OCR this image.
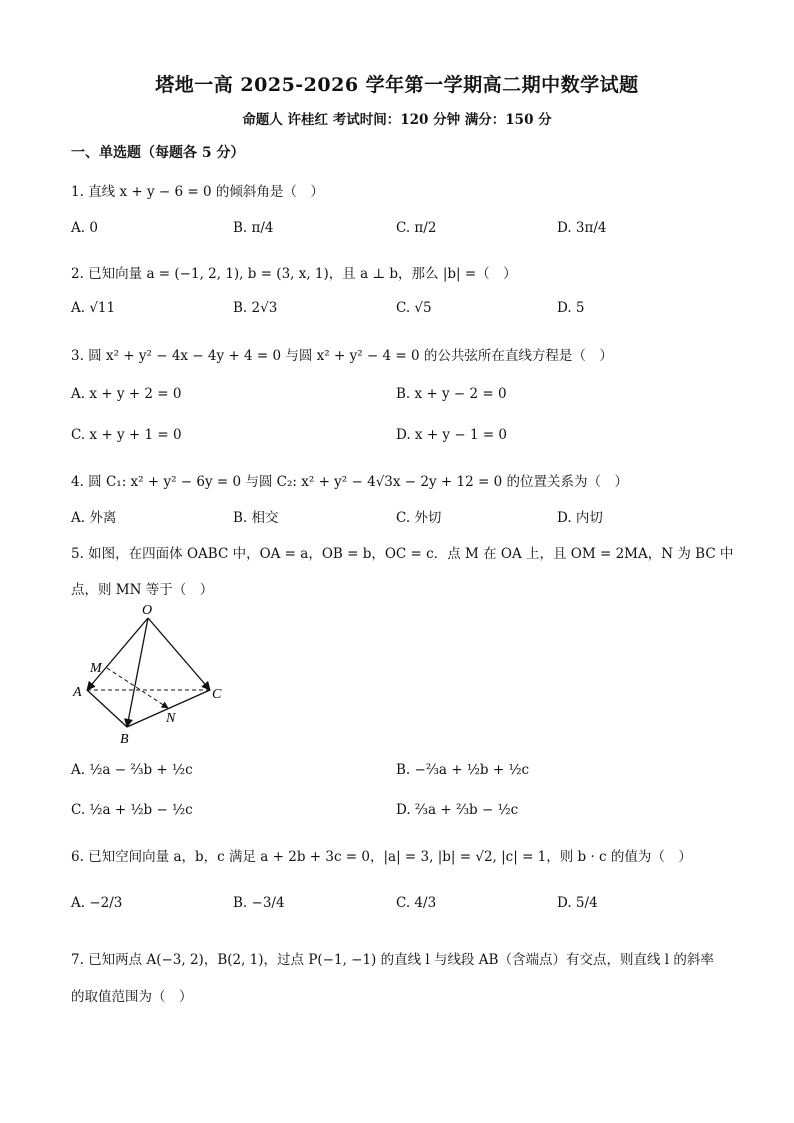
塔地一高 2025-2026 学年第一学期高二期中数学试题
命题人 许桂红 考试时间：120 分钟 满分：150 分
一、单选题（每题各 5 分）
1. 直线 x + y − 6 = 0 的倾斜角是（　）
A. 0	B. π/4	C. π/2	D. 3π/4
2. 已知向量 a = (−1, 2, 1), b = (3, x, 1)，且 a ⊥ b，那么 |b| =（　）
A. √11	B. 2√3	C. √5	D. 5
3. 圆 x² + y² − 4x − 4y + 4 = 0 与圆 x² + y² − 4 = 0 的公共弦所在直线方程是（　）
A. x + y + 2 = 0	B. x + y − 2 = 0
C. x + y + 1 = 0	D. x + y − 1 = 0
4. 圆 C₁: x² + y² − 6y = 0 与圆 C₂: x² + y² − 4√3x − 2y + 12 = 0 的位置关系为（　）
A. 外离	B. 相交	C. 外切	D. 内切
5. 如图，在四面体 OABC 中，OA = a，OB = b，OC = c．点 M 在 OA 上，且 OM = 2MA，N 为 BC 中
点，则 MN 等于（　）
O
M
A
B
C
N
A. ½a − ⅔b + ½c	B. −⅔a + ½b + ½c
C. ½a + ½b − ½c	D. ⅔a + ⅔b − ½c
6. 已知空间向量 a，b，c 满足 a + 2b + 3c = 0，|a| = 3, |b| = √2, |c| = 1，则 b · c 的值为（　）
A. −2/3	B. −3/4	C. 4/3	D. 5/4
7. 已知两点 A(−3, 2)，B(2, 1)，过点 P(−1, −1) 的直线 l 与线段 AB（含端点）有交点，则直线 l 的斜率
的取值范围为（　）
